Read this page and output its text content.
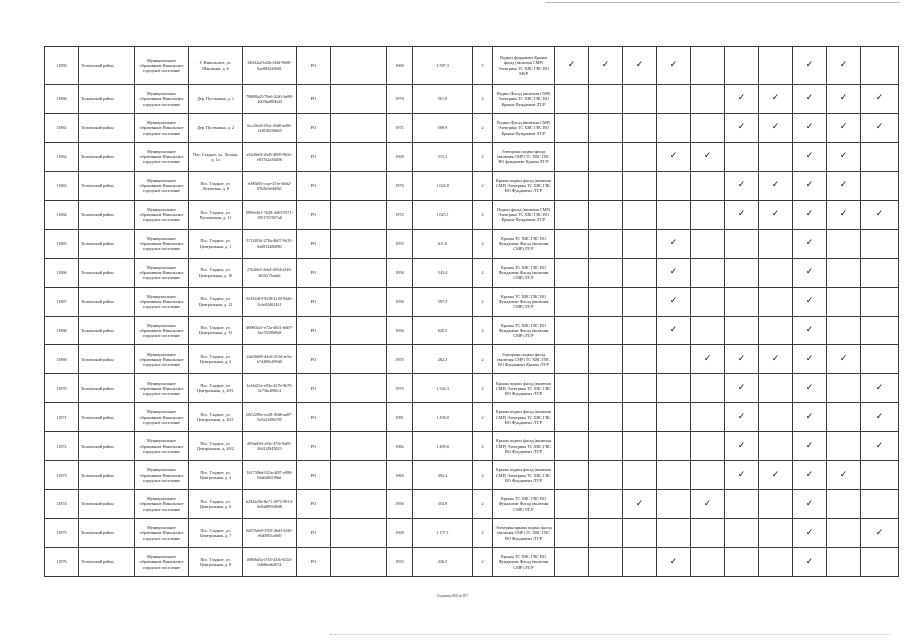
11859	Тосненский район	Муниципальное образование Никольское городское поселение	Г. Никольское, ул. Школьная, д. 6	6ff4f2a2-bf2b-4f4d-9b08-0aa984426b81	РО		1969	3 597,3	5	Подвал фундамент Крыша фасад (включая СМР) Электрика ТС ХВС ГВС ВО ХВ/Р	✓	✓	✓	✓				✓	✓	
11860	Тосненский район	Муниципальное образование Никольское городское поселение	Дер. Пустынька, д. 1	79608b43-79e6-42d1-be88-4003bd9f0bd4	РО		1970	561,9	2	Подвал Фасад (включая СМР) Электрика ТС ХВС ГВС ВО Крыша Фундамент ЛТ/Р						✓	✓	✓	✓	✓
11861	Тосненский район	Муниципальное образование Никольское городское поселение	Дер. Пустынька, д. 2	6cc25fe6-f9ce-45d0-ae06-14f818258665	РО		1971	569,9	2	Подвал Фасад (включая СМР) Электрика ТС ХВС ГВС ВО Крыша Фундамент ЛТ/Р						✓	✓	✓	✓	✓
11862	Тосненский район	Муниципальное образование Никольское городское поселение	Пос. Гладкое, ул. Лесная, д. 1а	e52d9e0f-2bd5-4809-9b5e-e837d2a36406	РО		1968	515,2	2	Электрика подвал фасад (включая СМР) ТС ХВС ГВС ВО фундамент Крыша ЛТ/Р				✓	✓			✓	✓	
11863	Тосненский район	Муниципальное образование Никольское городское поселение	Пос. Гладкое, ул. Лучевская, д. 8	e090b93-ccae-47ee-b0d2-07b5b9e9d0b1	РО		1970	1 024,8	2	Крыша подвал фасад (включая СМР) Электрика ТС ХВС ГВС ВО Фундамент ЛТ/Р						✓	✓	✓	✓	
11864	Тосненский район	Муниципальное образование Никольское городское поселение	Пос. Гладкое, ул. Пустынская, д. 11	9905e461-7b28-4d63-9571-1951767057a6	РО		1972	1 025,1	2	Подвал фасад (включая СМР) Электрика ТС ХВС ГВС ВО Крыша Фундамент ЛТ/Р						✓	✓	✓	✓	✓
11865	Тосненский район	Муниципальное образование Никольское городское поселение	Пос. Гладкое, ул. Центральная, д. 1	5712f03d-270a-4b07-9d15-0a081248d981	РО		1955	611,8	2	Крыша ТС ХВС ГВС ВО Фундамент Фасад (включая СМР) ЛТ/Р				✓				✓		
11866	Тосненский район	Муниципальное образование Никольское городское поселение	Пос. Гладкое, ул. Центральная, д. 10	27b26b5-2eb4-4034-a346-2b92c7baab2	РО		1956	543,4	2	Крыша ТС ХВС ГВС ВО Фундамент Фасад (включая СМР) ЛТ/Р				✓				✓		
11867	Тосненский район	Муниципальное образование Никольское городское поселение	Пос. Гладкое, ул. Центральная, д. 12	5d182d10-92f8-4149-94d6-0cfe02d02441	РО		1956	597,3	2	Крыша ТС ХВС ГВС ВО Фундамент Фасад (включая СМР) ЛТ/Р				✓				✓		
11868	Тосненский район	Муниципальное образование Никольское городское поселение	Пос. Гладкое, ул. Центральная, д. 13	d89602a7-e72a-4651-b607-6ec78390f8a8	РО		1956	628,5	2	Крыша ТС ХВС ГВС ВО Фундамент Фасад (включая СМР) ЛТ/Р				✓				✓		
11869	Тосненский район	Муниципальное образование Никольское городское поселение	Пос. Гладкое, ул. Центральная, д. 2	2da38e85-d4c6-453d-ae5a-b7d488c499d0	РО		1955	282,3	2	Электрика подвал фасад (включая СМР) ТС ХВС ГВС ВО Фундамент Крыша ЛТ/Р					✓	✓	✓	✓	✓	
11870	Тосненский район	Муниципальное образование Никольское городское поселение	Пос. Гладкое, ул. Центральная, д. 20/1	1e24d23e-e93e-427b-9b70-3e73bc69f0c2	РО		1979	1 544,3	2	Крыша подвал фасад (включая СМР) Электрика ТС ХВС ГВС ВО Фундамент ЛТ/Р						✓		✓		✓
11871	Тосненский район	Муниципальное образование Никольское городское поселение	Пос. Гладкое, ул. Центральная, д. 20/1	b652205e-ea28-49d6-aa87-5e5a2348b785	РО		1981	1 458,0	2	Крыша подвал фасад (включая СМР) Электрика ТС ХВС ГВС ВО Фундамент ЛТ/Р						✓		✓		✓
11872	Тосненский район	Муниципальное образование Никольское городское поселение	Пос. Гладкое, ул. Центральная, д. 20/2	d90ad0f3-a9fe-47fb-9a00-3641f2845823	РО		1982	1 499,6	2	Крыша подвал фасад (включая СМР) Электрика ТС ХВС ГВС ВО Фундамент ЛТ/Р						✓		✓		✓
11873	Тосненский район	Муниципальное образование Никольское городское поселение	Пос. Гладкое, ул. Центральная, д. 3	161739bd-923a-4f87-a998-b6a0d82196bf	РО		1960	492,4	2	Крыша подвал фасад (включая СМР) Электрика ТС ХВС ГВС ВО Фундамент ЛТ/Р						✓	✓	✓	✓	
11874	Тосненский район	Муниципальное образование Никольское городское поселение	Пос. Гладкое, ул. Центральная, д. 6	b2942d5b-8e71-4972-8014-0e0a8895d9d8	РО		1956	354,9	2	Крыша ТС ХВС ГВС ВО Фундамент Фасад (включая СМР) ЛТ/Р			✓		✓			✓		
11875	Тосненский район	Муниципальное образование Никольское городское поселение	Пос. Гладкое, ул. Центральная, д. 7	6d576eb9-3595-46d5-b5f0-e6d0f95ca6d0	РО		1968	1 157,1	2	Электрика крыша подвал фасад (включая СМР) ТС ХВС ГВС ВО Фундамент ЛТ/Р								✓		✓
11876	Тосненский район	Муниципальное образование Никольское городское поселение	Пос. Гладкое, ул. Центральная, д. 8	f6806d3a-f165-43fb-9244-0d6fbeab2674	РО		1955	436,5	2	Крыша ТС ХВС ГВС ВО Фундамент Фасад (включая СМР) ЛТ/Р				✓				✓		
Страница 860 из 857
